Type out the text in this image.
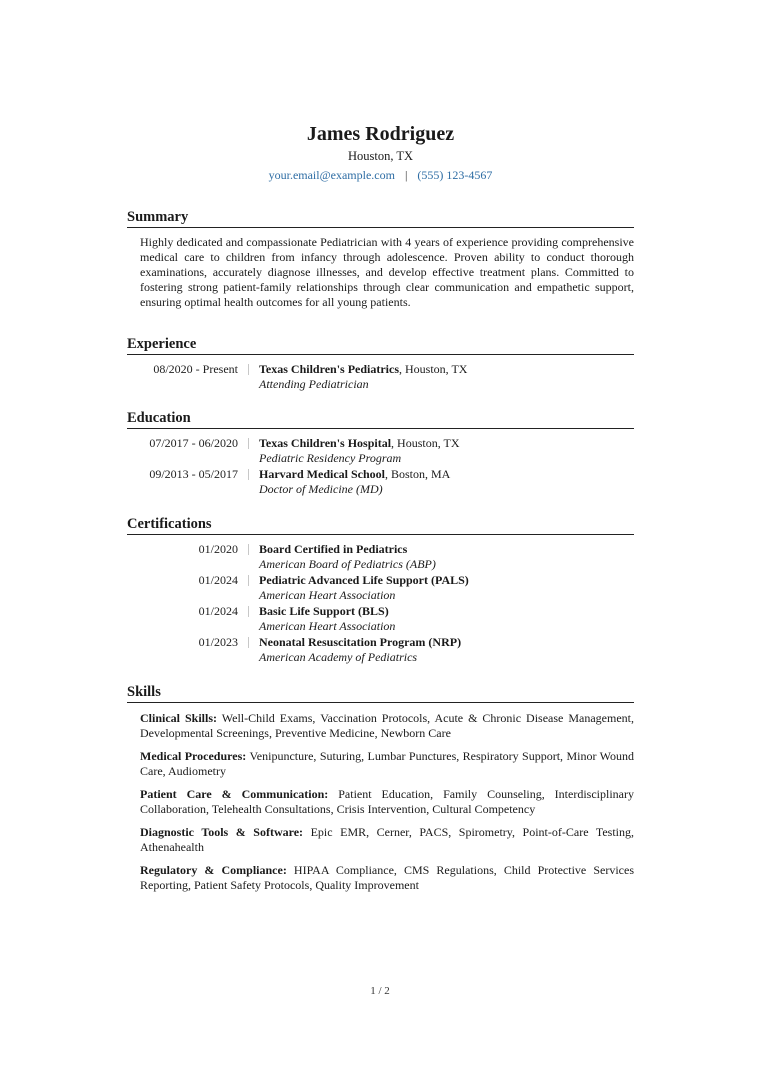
James Rodriguez
Houston, TX
your.email@example.com | (555) 123-4567
Summary

Highly dedicated and compassionate Pediatrician with 4 years of experience providing comprehensive medical care to children from infancy through adolescence. Proven ability to conduct thorough examinations, accurately diagnose illnesses, and develop effective treatment plans. Committed to fostering strong patient-family relationships through clear communication and empathetic support, ensuring optimal health outcomes for all young patients.

Experience
08/2020 - Present Texas Children's Pediatrics, Houston, TX
Attending Pediatrician
Education
07/2017 - 06/2020 Texas Children's Hospital, Houston, TX
Pediatric Residency Program
09/2013 - 05/2017 Harvard Medical School, Boston, MA
Doctor of Medicine (MD)
Certifications
01/2020 Board Certified in Pediatrics
American Board of Pediatrics (ABP)
01/2024 Pediatric Advanced Life Support (PALS)
American Heart Association
01/2024 Basic Life Support (BLS)
American Heart Association
01/2023 Neonatal Resuscitation Program (NRP)
American Academy of Pediatrics
Skills
Clinical Skills: Well-Child Exams, Vaccination Protocols, Acute & Chronic Disease Management, Developmental Screenings, Preventive Medicine, Newborn Care
Medical Procedures: Venipuncture, Suturing, Lumbar Punctures, Respiratory Support, Minor Wound Care, Audiometry
Patient Care & Communication: Patient Education, Family Counseling, Interdisciplinary Collaboration, Telehealth Consultations, Crisis Intervention, Cultural Competency
Diagnostic Tools & Software: Epic EMR, Cerner, PACS, Spirometry, Point-of-Care Testing, Athenahealth
Regulatory & Compliance: HIPAA Compliance, CMS Regulations, Child Protective Services Reporting, Patient Safety Protocols, Quality Improvement
1 / 2
